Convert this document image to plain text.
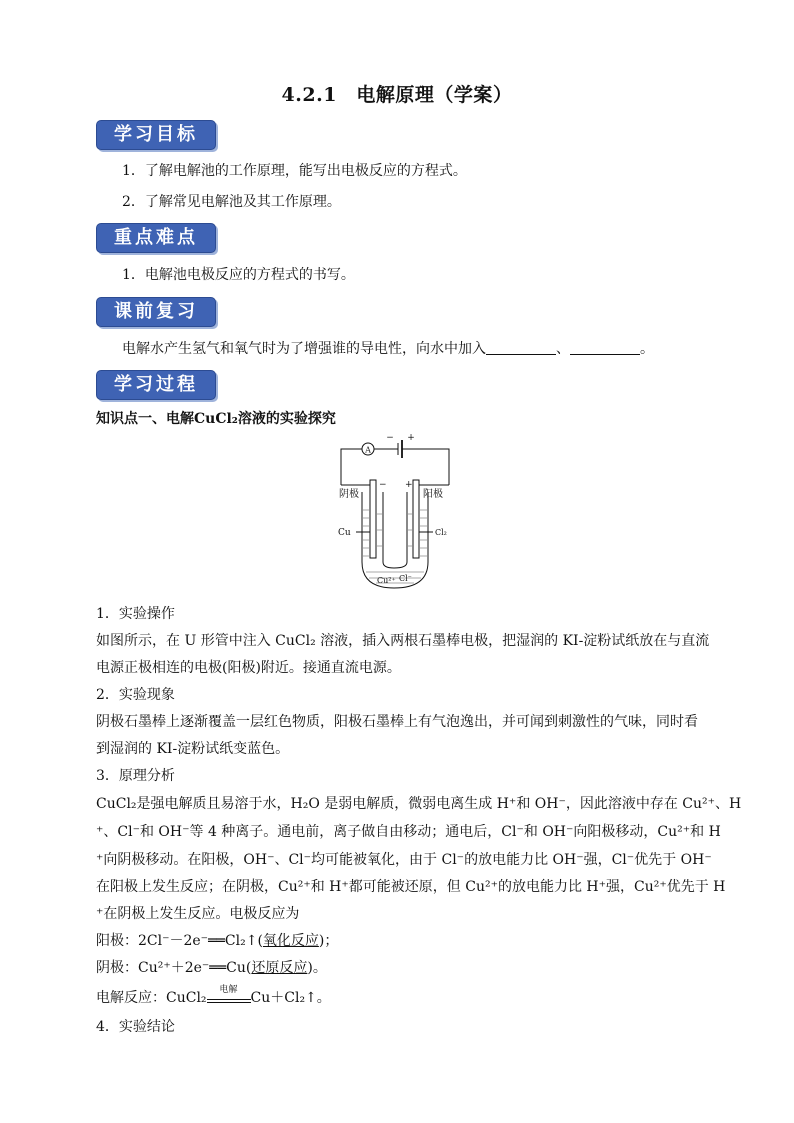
4.2.1　电解原理（学案）
学习目标
1．了解电解池的工作原理，能写出电极反应的方程式。
2．了解常见电解池及其工作原理。
重点难点
1．电解池电极反应的方程式的书写。
课前复习
电解水产生氢气和氧气时为了增强谁的导电性，向水中加入	、	。
学习过程
知识点一、电解CuCl₂溶液的实验探究
A
− +
阴极	阳极
− +
Cu	Cl₂
Cu²⁺ Cl⁻
1．实验操作
如图所示，在 U 形管中注入 CuCl₂ 溶液，插入两根石墨棒电极，把湿润的 KI-淀粉试纸放在与直流
电源正极相连的电极(阳极)附近。接通直流电源。
2．实验现象
阴极石墨棒上逐渐覆盖一层红色物质，阳极石墨棒上有气泡逸出，并可闻到刺激性的气味，同时看
到湿润的 KI-淀粉试纸变蓝色。
3．原理分析
CuCl₂是强电解质且易溶于水，H₂O 是弱电解质，微弱电离生成 H⁺和 OH⁻，因此溶液中存在 Cu²⁺、H
⁺、Cl⁻和 OH⁻等 4 种离子。通电前，离子做自由移动；通电后，Cl⁻和 OH⁻向阳极移动，Cu²⁺和 H
⁺向阴极移动。在阳极，OH⁻、Cl⁻均可能被氧化，由于 Cl⁻的放电能力比 OH⁻强，Cl⁻优先于 OH⁻
在阳极上发生反应；在阴极，Cu²⁺和 H⁺都可能被还原，但 Cu²⁺的放电能力比 H⁺强，Cu²⁺优先于 H
⁺在阴极上发生反应。电极反应为
阳极：2Cl⁻－2e⁻══Cl₂↑(氧化反应)；
阴极：Cu²⁺＋2e⁻══Cu(还原反应)。
电解反应：CuCl₂	电解 Cu＋Cl₂↑。
4．实验结论
